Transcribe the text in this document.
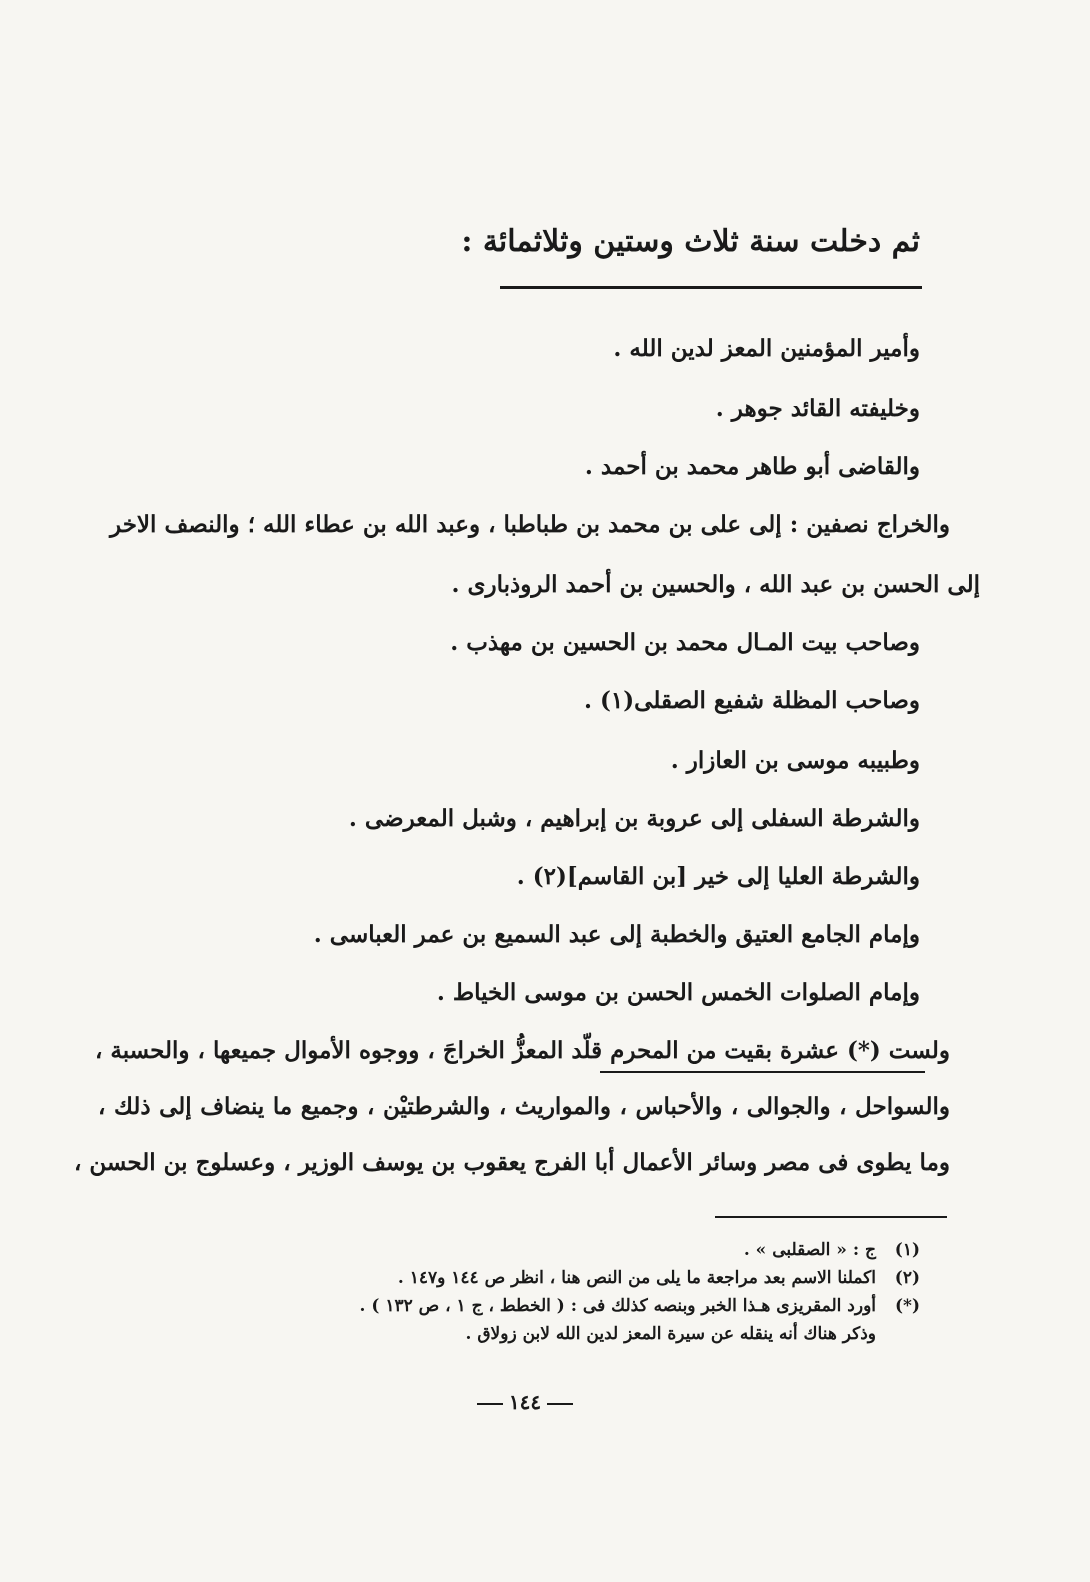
ثم دخلت سنة ثلاث وستين وثلاثمائة :
وأمير المؤمنين المعز لدين الله .
وخليفته القائد جوهر .
والقاضى أبو طاهر محمد بن أحمد .
والخراج نصفين : إلى على بن محمد بن طباطبا ، وعبد الله بن عطاء الله ؛ والنصف الاخر
إلى الحسن بن عبد الله ، والحسين بن أحمد الروذبارى .
وصاحب بيت المـال محمد بن الحسين بن مهذب .
وصاحب المظلة شفيع الصقلى(١) .
وطبيبه موسى بن العازار .
والشرطة السفلى إلى عروبة بن إبراهيم ، وشبل المعرضى .
والشرطة العليا إلى خير [بن القاسم](٢) .
وإمام الجامع العتيق والخطبة إلى عبد السميع بن عمر العباسى .
وإمام الصلوات الخمس الحسن بن موسى الخياط .
ولست (*) عشرة بقيت من المحرم قلّد المعزُّ الخراجَ ، ووجوه الأموال جميعها ، والحسبة ،
والسواحل ، والجوالى ، والأحباس ، والمواريث ، والشرطتيْن ، وجميع ما ينضاف إلى ذلك ،
وما يطوى فى مصر وسائر الأعمال أبا الفرج يعقوب بن يوسف الوزير ، وعسلوج بن الحسن ،
(١)ج : « الصقلبى » .
(٢)اكملنا الاسم بعد مراجعة ما يلى من النص هنا ، انظر ص ١٤٤ و١٤٧ .
(*)أورد المقريزى هـذا الخبر وبنصه كذلك فى : ( الخطط ، ج ١ ، ص ١٣٢ ) .
وذكر هناك أنه ينقله عن سيرة المعز لدين الله لابن زولاق .
١٤٤
